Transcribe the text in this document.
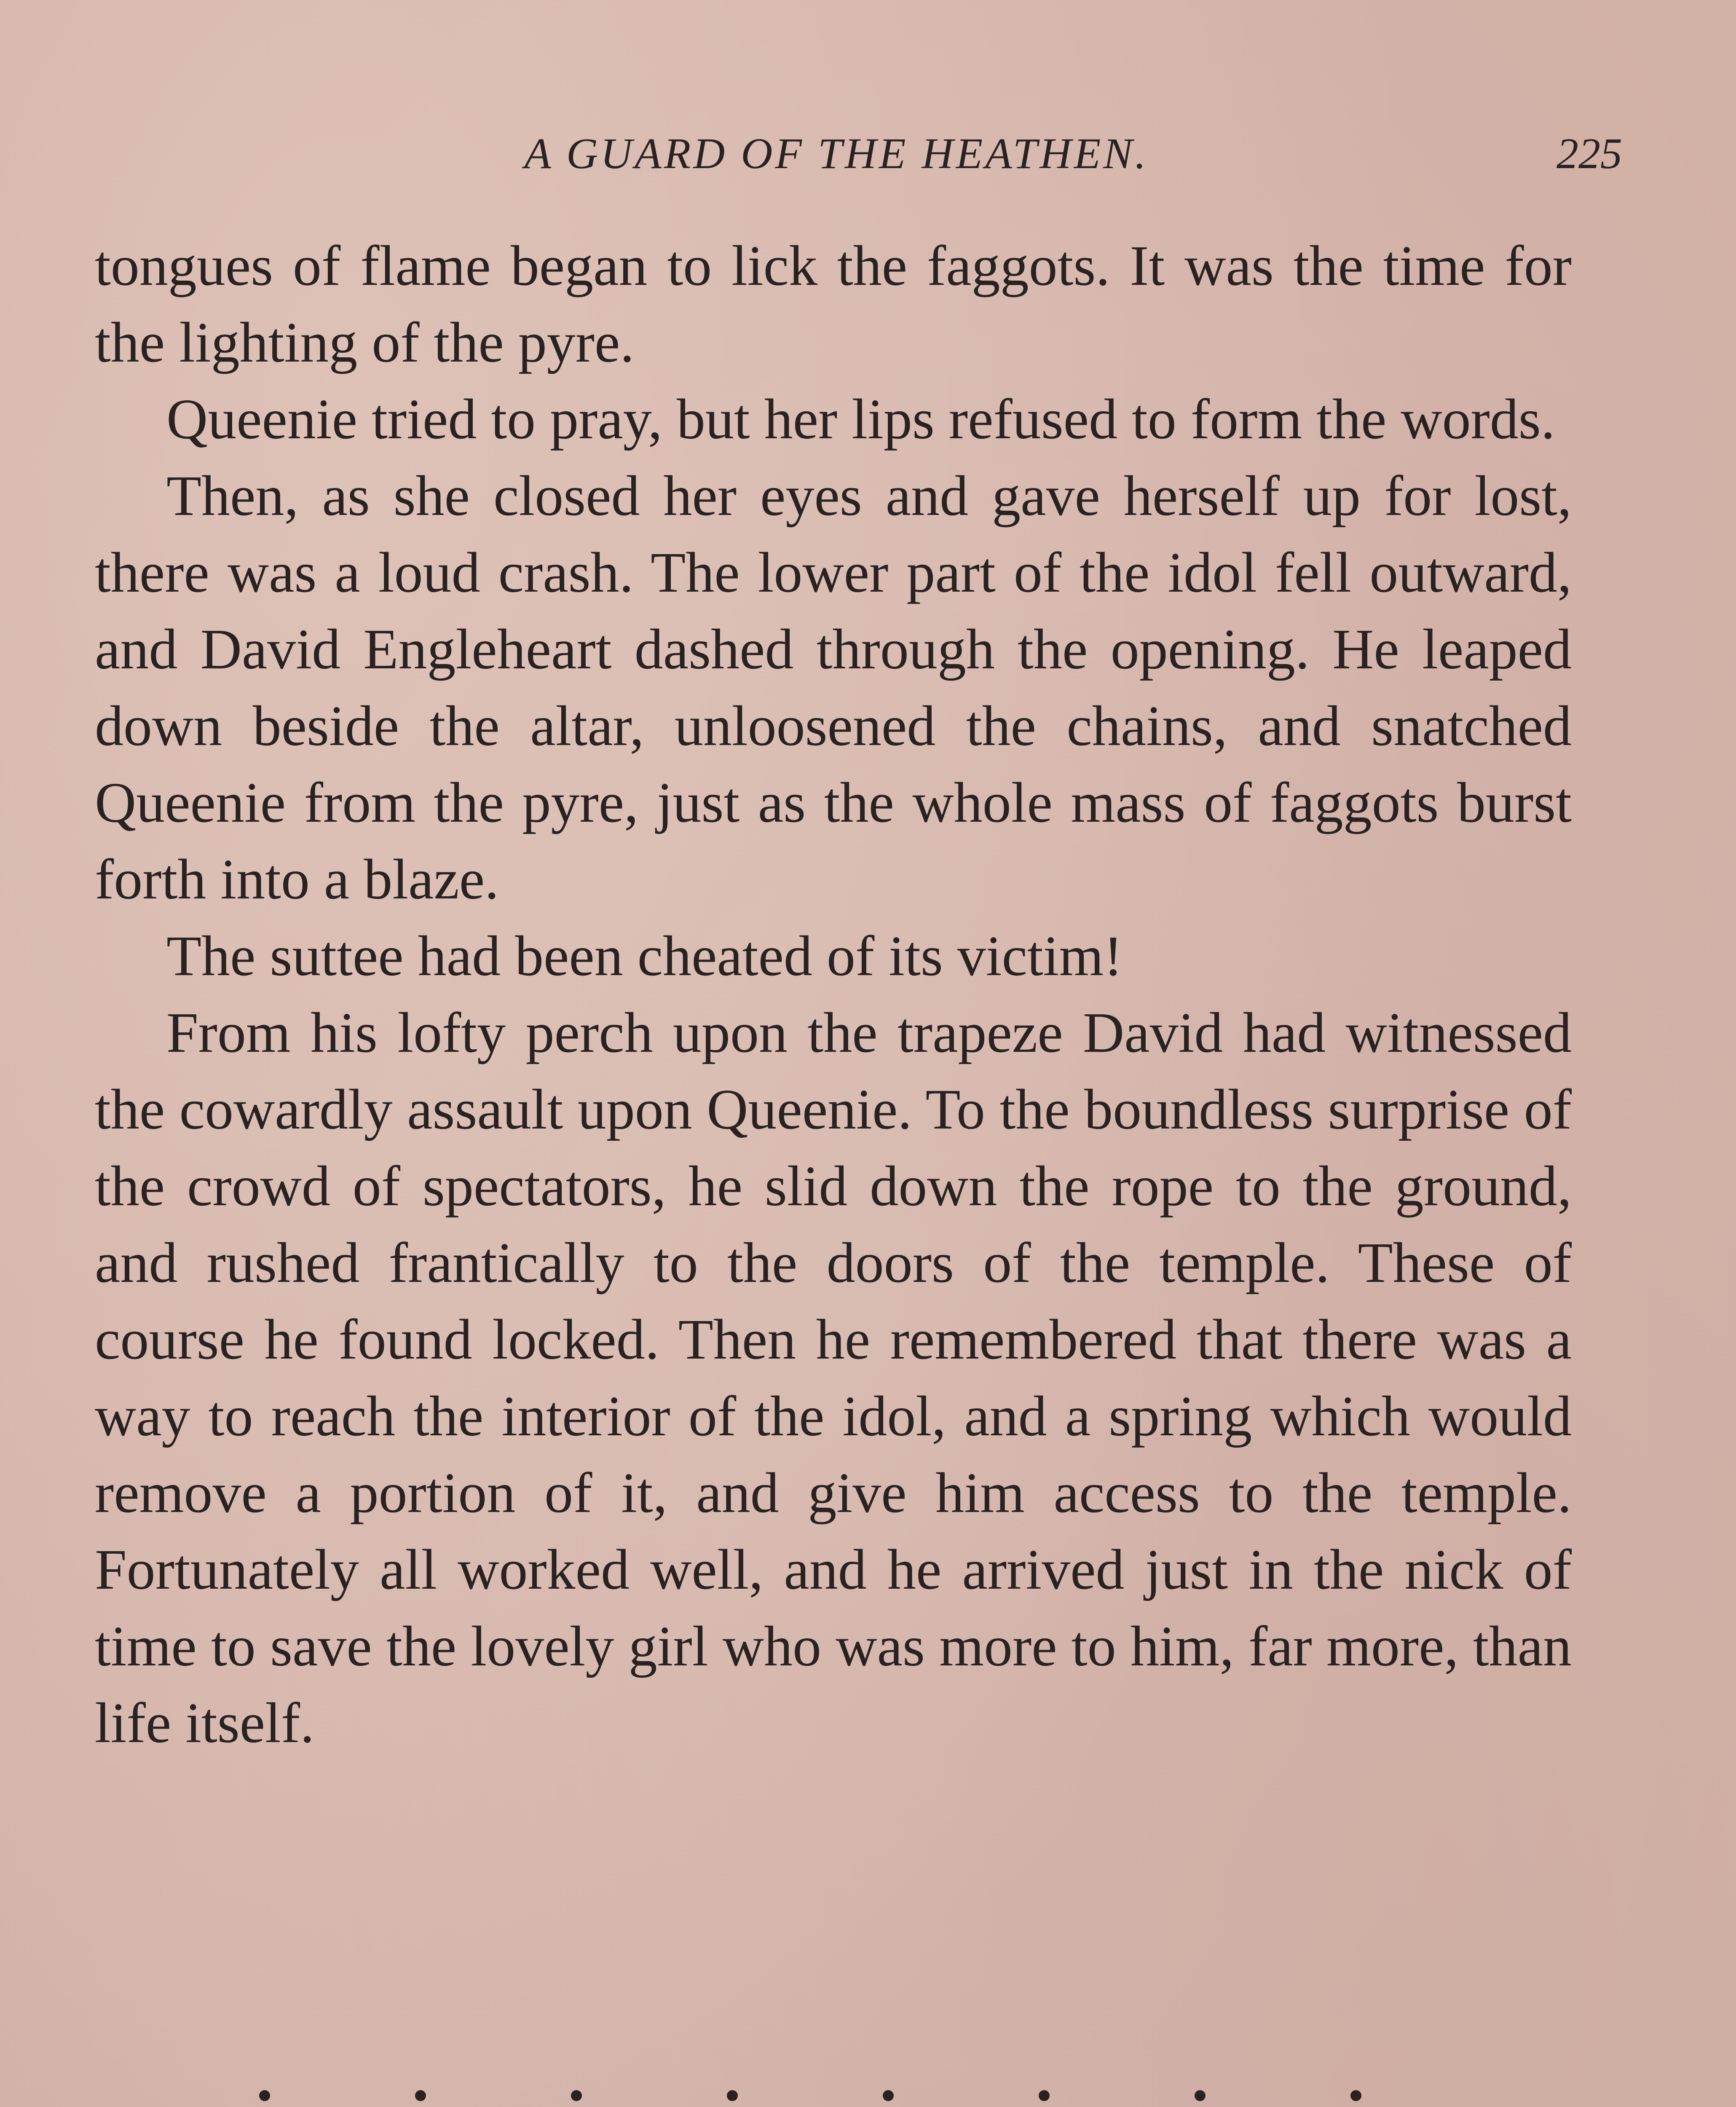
A GUARD OF THE HEATHEN.	225

tongues of flame began to lick the faggots. It was the time for the lighting of the pyre.

Queenie tried to pray, but her lips refused to form the words.

Then, as she closed her eyes and gave herself up for lost, there was a loud crash. The lower part of the idol fell outward, and David Engleheart dashed through the opening. He leaped down beside the altar, unloosened the chains, and snatched Queenie from the pyre, just as the whole mass of faggots burst forth into a blaze.

The suttee had been cheated of its victim!

From his lofty perch upon the trapeze David had witnessed the cowardly assault upon Queenie. To the boundless surprise of the crowd of spectators, he slid down the rope to the ground, and rushed frantically to the doors of the temple. These of course he found locked. Then he remembered that there was a way to reach the interior of the idol, and a spring which would remove a portion of it, and give him access to the temple. Fortunately all worked well, and he arrived just in the nick of time to save the lovely girl who was more to him, far more, than life itself.
